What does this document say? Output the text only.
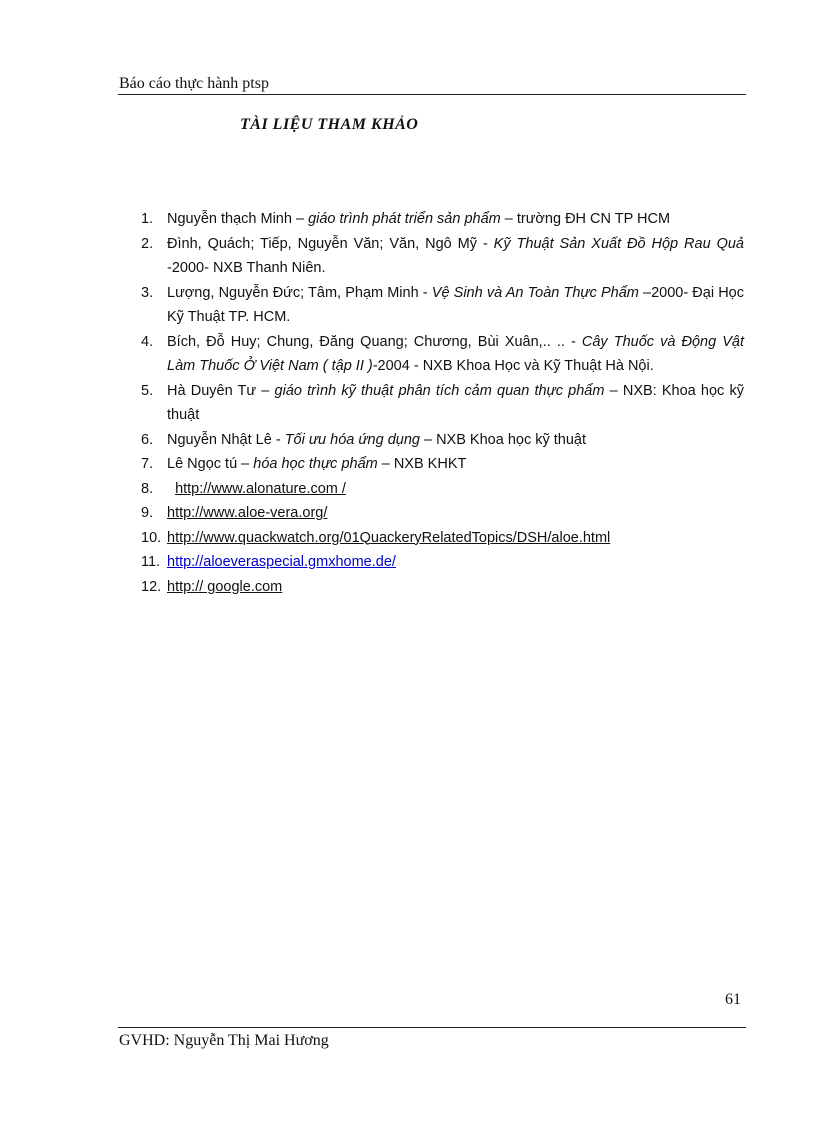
Báo cáo thực hành ptsp
TÀI LIỆU THAM KHẢO
1. Nguyễn thạch Minh – giáo trình phát triển sản phẩm – trường ĐH CN TP HCM
2. Đình, Quách; Tiếp, Nguyễn Văn; Văn, Ngô Mỹ - Kỹ Thuật Sản Xuất Đồ Hộp Rau Quả -2000- NXB Thanh Niên.
3. Lượng, Nguyễn Đức; Tâm, Phạm Minh - Vệ Sinh và An Toàn Thực Phẩm –2000- Đại Học Kỹ Thuật TP. HCM.
4. Bích, Đỗ Huy; Chung, Đăng Quang; Chương, Bùi Xuân,.. .. - Cây Thuốc và Động Vật Làm Thuốc Ở Việt Nam ( tập II )-2004 - NXB Khoa Học và Kỹ Thuật Hà Nội.
5. Hà Duyên Tư – giáo trình kỹ thuật phân tích cảm quan thực phẩm – NXB: Khoa học kỹ thuật
6. Nguyễn Nhật Lê - Tối ưu hóa ứng dụng – NXB Khoa học kỹ thuật
7. Lê Ngọc tú – hóa học thực phẩm – NXB KHKT
8.	http://www.alonature.com /
9. http://www.aloe-vera.org/
10. http://www.quackwatch.org/01QuackeryRelatedTopics/DSH/aloe.html
11. http://aloeveraspecial.gmxhome.de/
12. http:// google.com
61
GVHD: Nguyễn Thị Mai Hương
